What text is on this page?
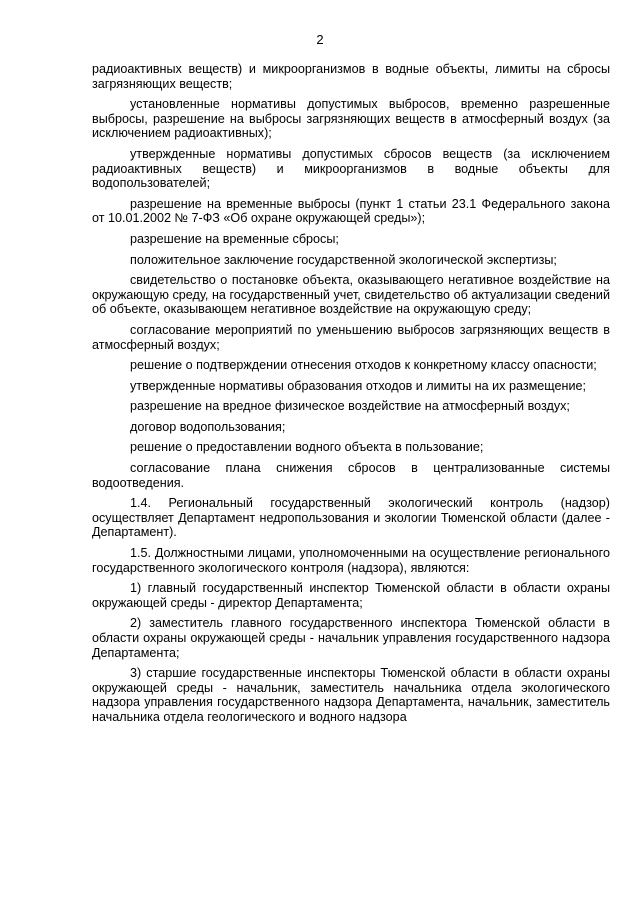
2

радиоактивных веществ) и микроорганизмов в водные объекты, лимиты на сбросы загрязняющих веществ;

установленные нормативы допустимых выбросов, временно разрешенные выбросы, разрешение на выбросы загрязняющих веществ в атмосферный воздух (за исключением радиоактивных);

утвержденные нормативы допустимых сбросов веществ (за исключением радиоактивных веществ) и микроорганизмов в водные объекты для водопользователей;

разрешение на временные выбросы (пункт 1 статьи 23.1 Федерального закона от 10.01.2002 № 7-ФЗ «Об охране окружающей среды»);

разрешение на временные сбросы;

положительное заключение государственной экологической экспертизы;

свидетельство о постановке объекта, оказывающего негативное воздействие на окружающую среду, на государственный учет, свидетельство об актуализации сведений об объекте, оказывающем негативное воздействие на окружающую среду;

согласование мероприятий по уменьшению выбросов загрязняющих веществ в атмосферный воздух;

решение о подтверждении отнесения отходов к конкретному классу опасности;

утвержденные нормативы образования отходов и лимиты на их размещение;

разрешение на вредное физическое воздействие на атмосферный воздух;

договор водопользования;

решение о предоставлении водного объекта в пользование;

согласование плана снижения сбросов в централизованные системы водоотведения.

1.4. Региональный государственный экологический контроль (надзор) осуществляет Департамент недропользования и экологии Тюменской области (далее - Департамент).

1.5. Должностными лицами, уполномоченными на осуществление регионального государственного экологического контроля (надзора), являются:

1) главный государственный инспектор Тюменской области в области охраны окружающей среды - директор Департамента;

2) заместитель главного государственного инспектора Тюменской области в области охраны окружающей среды - начальник управления государственного надзора Департамента;

3) старшие государственные инспекторы Тюменской области в области охраны окружающей среды - начальник, заместитель начальника отдела экологического надзора управления государственного надзора Департамента, начальник, заместитель начальника отдела геологического и водного надзора
